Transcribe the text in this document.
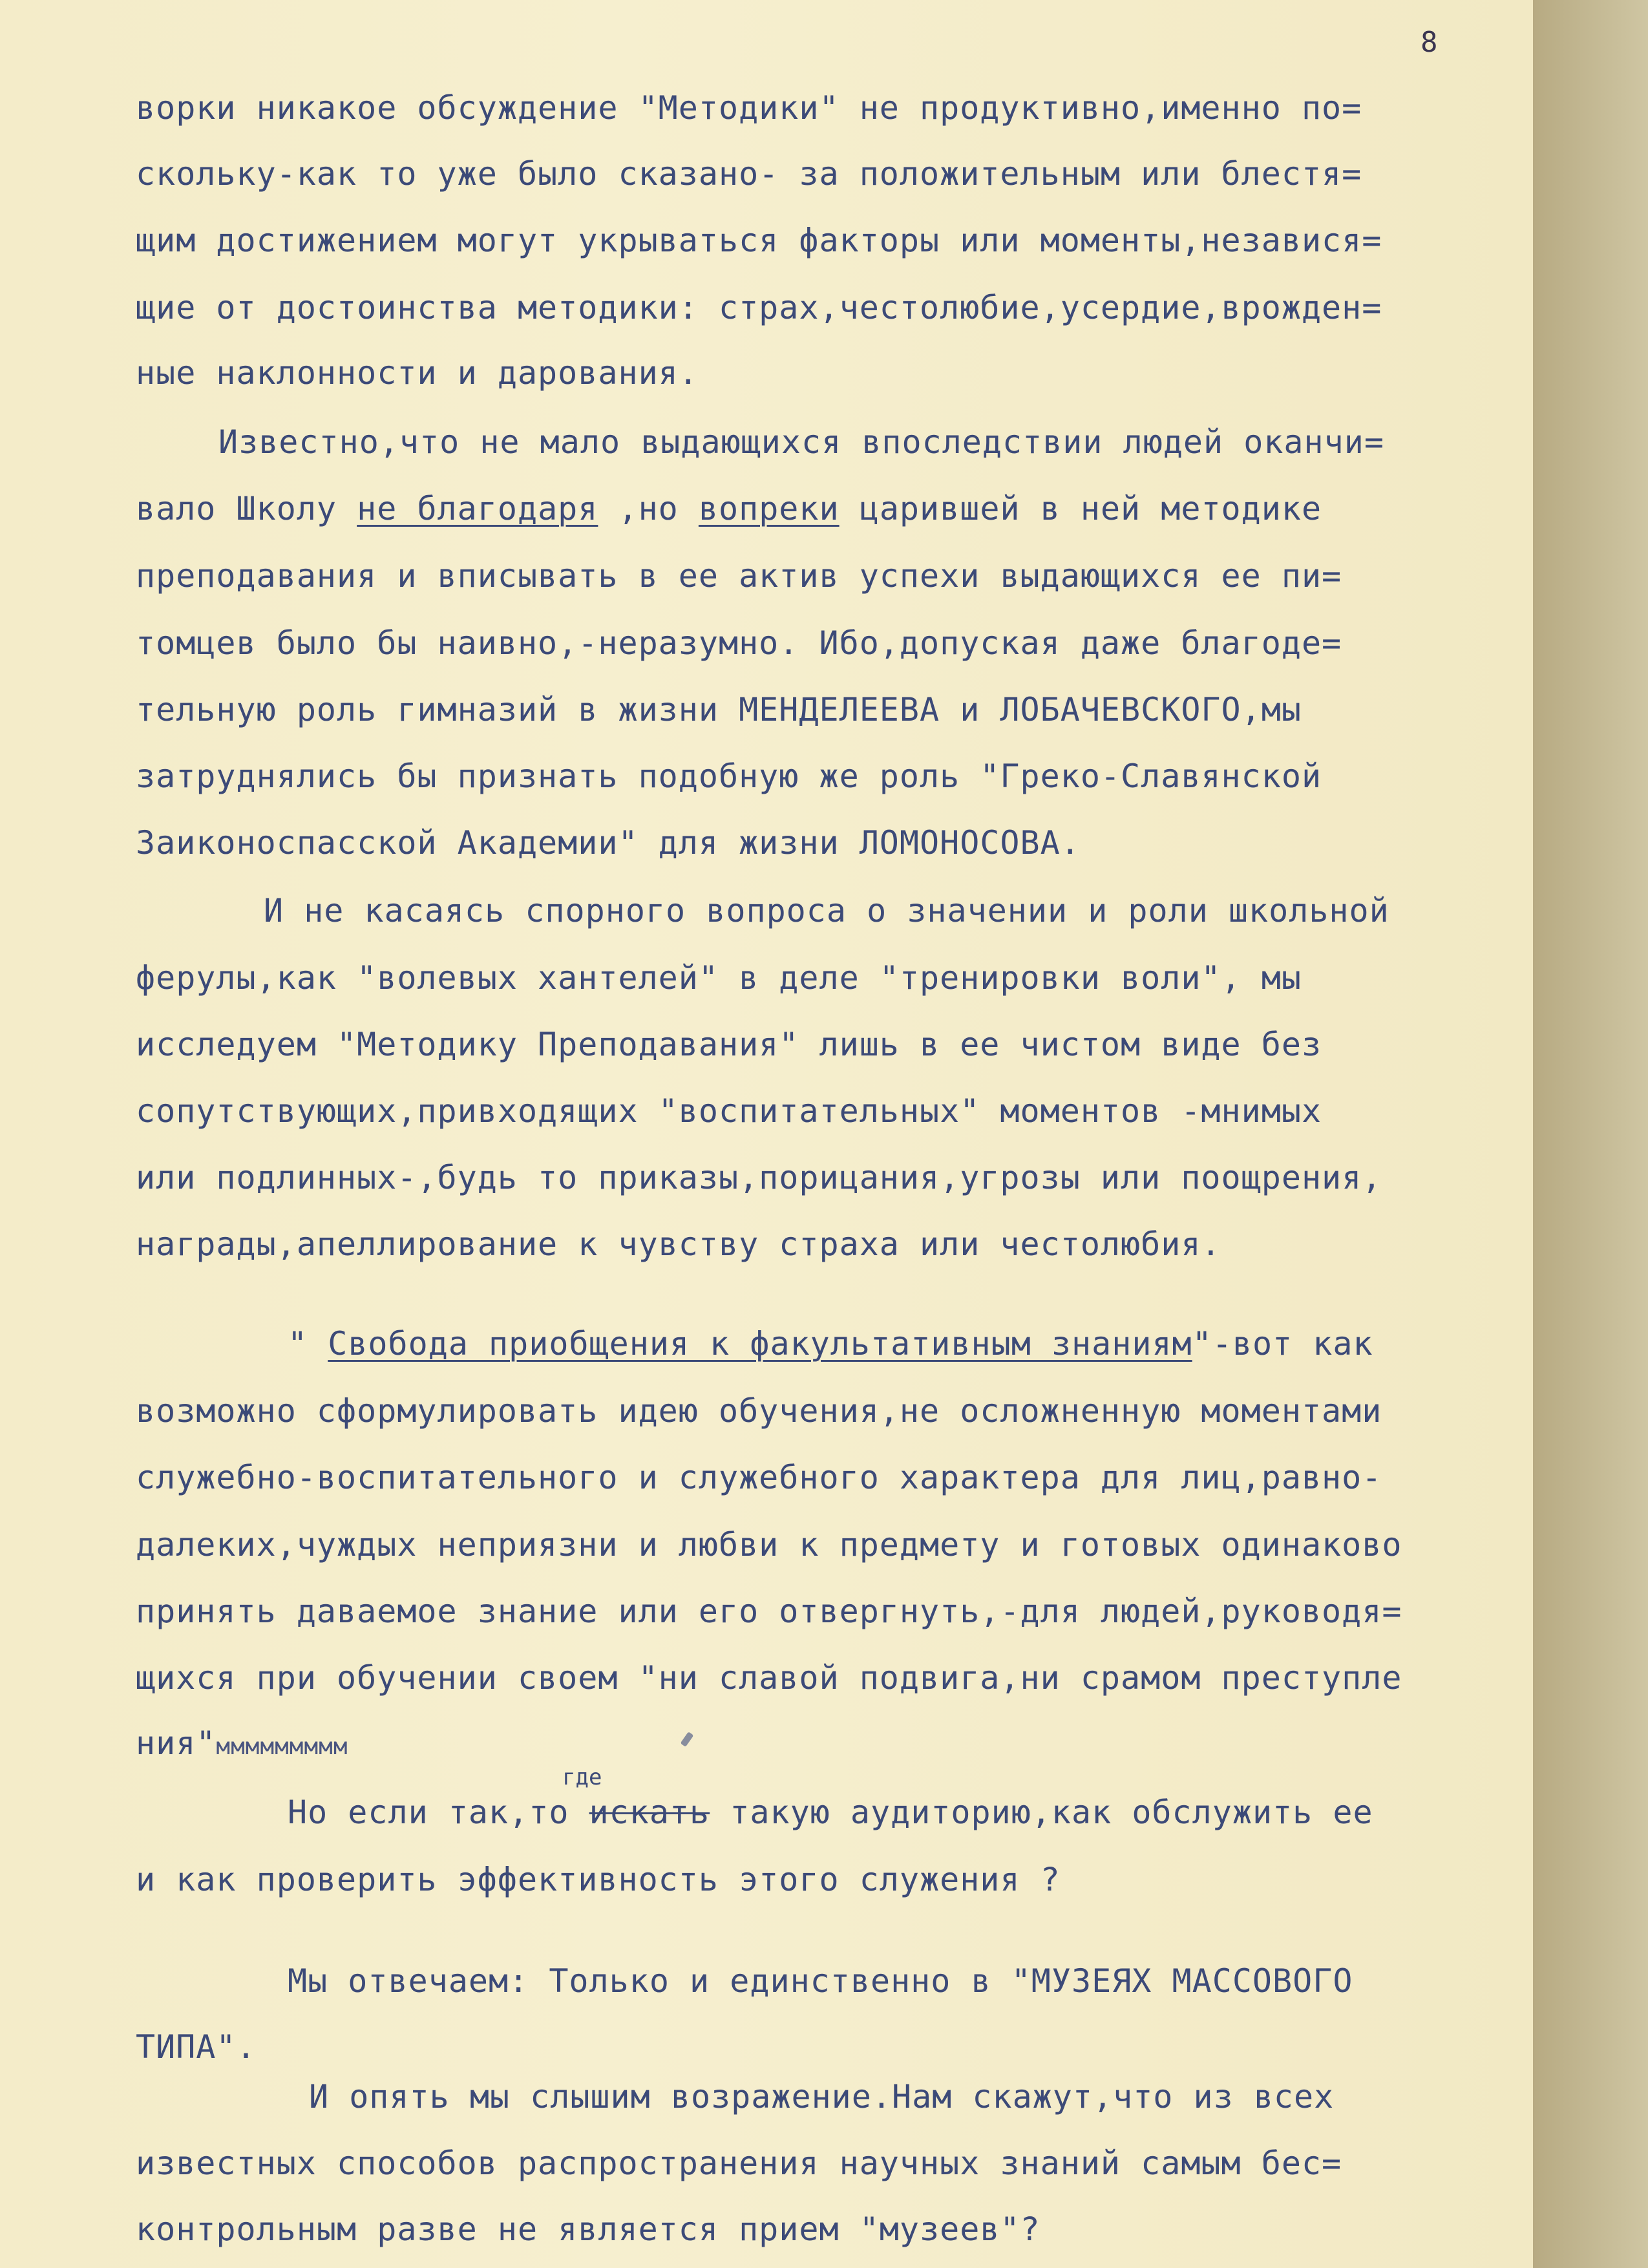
8
ворки никакое обсуждение "Методики" не продуктивно,именно по=
скольку-как то уже было сказано- за положительным или блестя=
щим достижением могут укрываться факторы или моменты,независя=
щие от достоинства методики: страх,честолюбие,усердие,врожден=
ные наклонности и дарования.
Известно,что не мало выдающихся впоследствии людей оканчи=
вало Школу не благодаря ,но вопреки царившей в ней методике
преподавания и вписывать в ее актив успехи выдающихся ее пи=
томцев было бы наивно,-неразумно. Ибо,допуская даже благоде=
тельную роль гимназий в жизни МЕНДЕЛЕЕВА и ЛОБАЧЕВСКОГО,мы
затруднялись бы признать подобную же роль "Греко-Славянской
Заиконоспасской Академии" для жизни ЛОМОНОСОВА.
И не касаясь спорного вопроса о значении и роли школьной
ферулы,как "волевых хантелей" в деле "тренировки воли", мы
исследуем "Методику Преподавания" лишь в ее чистом виде без
сопутствующих,привходящих "воспитательных" моментов -мнимых
или подлинных-,будь то приказы,порицания,угрозы или поощрения,
награды,апеллирование к чувству страха или честолюбия.
" Свобода приобщения к факультативным знаниям"-вот как
возможно сформулировать идею обучения,не осложненную моментами
служебно-воспитательного и служебного характера для лиц,равно-
далеких,чуждых неприязни и любви к предмету и готовых одинаково
принять даваемое знание или его отвергнуть,-для людей,руководя=
щихся при обучении своем "ни славой подвига,ни срамом преступле
ния"ммммммммм
где
Но если так,то искать такую аудиторию,как обслужить ее
и как проверить эффективность этого служения ?
Мы отвечаем: Только и единственно в "МУЗЕЯХ МАССОВОГО
ТИПА".
И опять мы слышим возражение.Нам скажут,что из всех
известных способов распространения научных знаний самым бес=
контрольным разве не является прием "музеев"?
